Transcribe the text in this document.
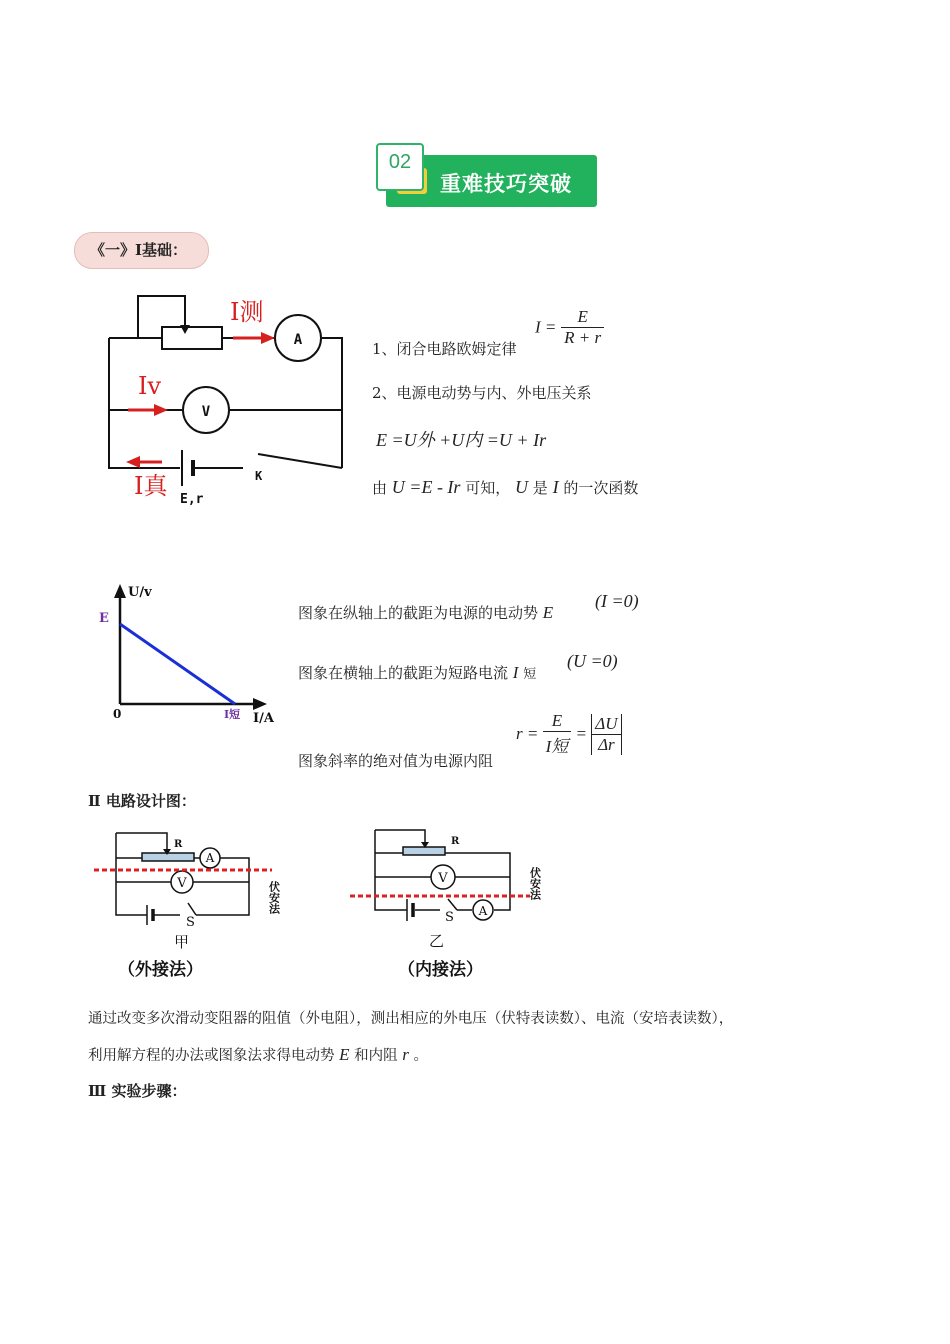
02
重难技巧突破
《一》Ⅰ基础：
A
V
K
E,r
I测
Iv
I真
1、闭合电路欧姆定律
$I = \frac{E}{R + r}$
2、电源电动势与内、外电压关系
E =U外 +U内 =U + Ir
由 U =E - Ir 可知， U 是 I 的一次函数
U/v
I/A
0
E
I短
图象在纵轴上的截距为电源的电动势 E
(I =0)
图象在横轴上的截距为短路电流 I 短
(U =0)
图象斜率的绝对值为电源内阻
$r = \frac{E}{\text{I短}} = \frac{\Delta U}{\Delta r}$
Ⅱ 电路设计图：
A
V
R
S
甲
（外接法）
伏安法
V
A
R
S
乙
（内接法）
伏安法
通过改变多次滑动变阻器的阻值（外电阻），测出相应的外电压（伏特表读数）、电流（安培表读数），
利用解方程的办法或图象法求得电动势 E 和内阻 r 。
Ⅲ 实验步骤：
